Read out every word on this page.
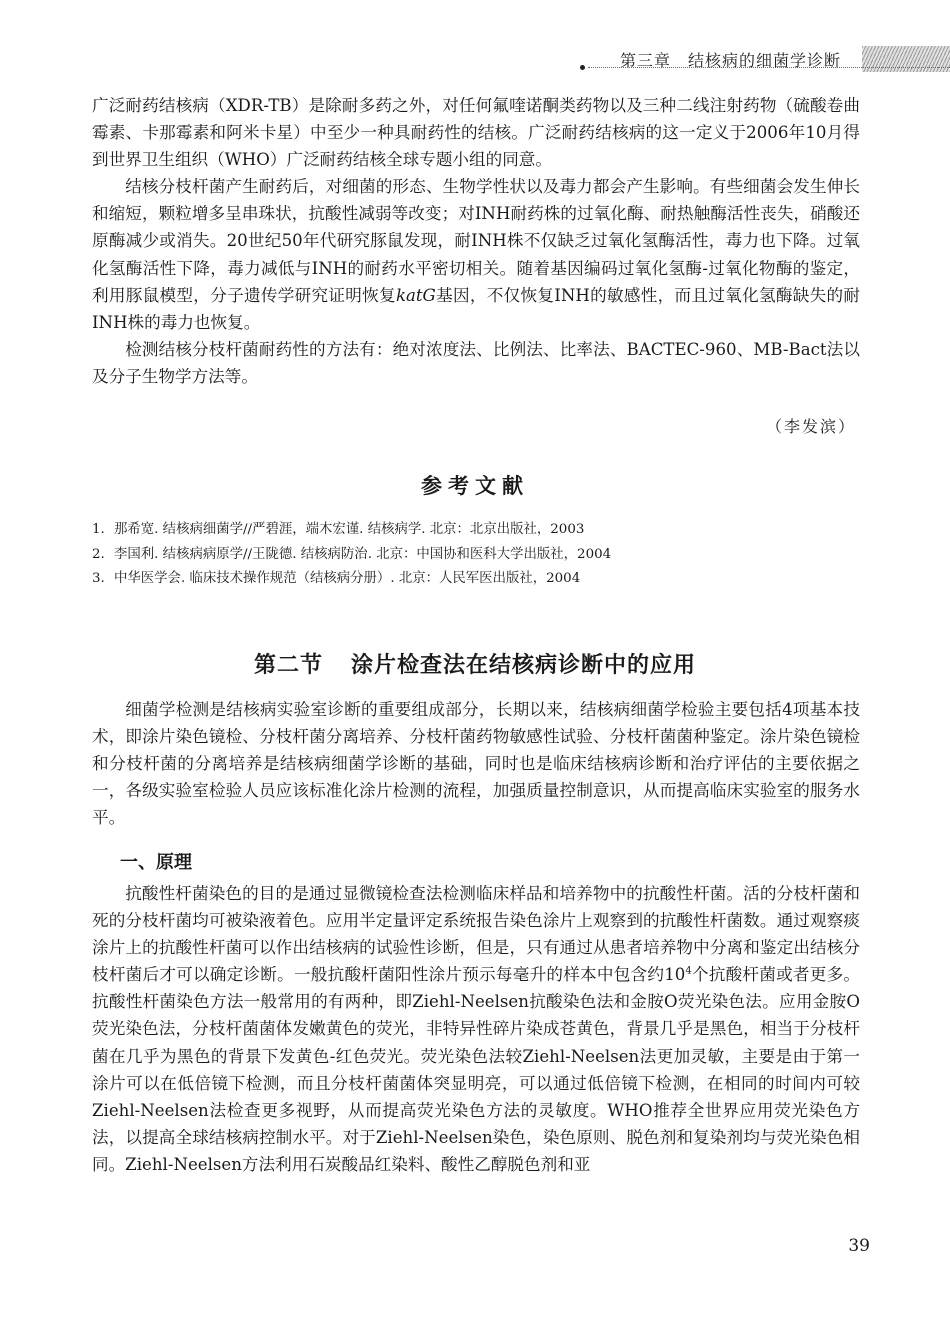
第三章　结核病的细菌学诊断

广泛耐药结核病（XDR-TB）是除耐多药之外，对任何氟喹诺酮类药物以及三种二线注射药物（硫酸卷曲霉素、卡那霉素和阿米卡星）中至少一种具耐药性的结核。广泛耐药结核病的这一定义于2006年10月得到世界卫生组织（WHO）广泛耐药结核全球专题小组的同意。

结核分枝杆菌产生耐药后，对细菌的形态、生物学性状以及毒力都会产生影响。有些细菌会发生伸长和缩短，颗粒增多呈串珠状，抗酸性减弱等改变；对INH耐药株的过氧化酶、耐热触酶活性丧失，硝酸还原酶减少或消失。20世纪50年代研究豚鼠发现，耐INH株不仅缺乏过氧化氢酶活性，毒力也下降。过氧化氢酶活性下降，毒力减低与INH的耐药水平密切相关。随着基因编码过氧化氢酶-过氧化物酶的鉴定，利用豚鼠模型，分子遗传学研究证明恢复katG基因，不仅恢复INH的敏感性，而且过氧化氢酶缺失的耐INH株的毒力也恢复。

检测结核分枝杆菌耐药性的方法有：绝对浓度法、比例法、比率法、BACTEC-960、MB-Bact法以及分子生物学方法等。

（李发滨）
参考文献
1. 那希宽. 结核病细菌学//严碧涯，端木宏谨. 结核病学. 北京：北京出版社，2003
2. 李国利. 结核病病原学//王陇德. 结核病防治. 北京：中国协和医科大学出版社，2004
3. 中华医学会. 临床技术操作规范（结核病分册）. 北京：人民军医出版社，2004
第二节 涂片检查法在结核病诊断中的应用

细菌学检测是结核病实验室诊断的重要组成部分，长期以来，结核病细菌学检验主要包括4项基本技术，即涂片染色镜检、分枝杆菌分离培养、分枝杆菌药物敏感性试验、分枝杆菌菌种鉴定。涂片染色镜检和分枝杆菌的分离培养是结核病细菌学诊断的基础，同时也是临床结核病诊断和治疗评估的主要依据之一，各级实验室检验人员应该标准化涂片检测的流程，加强质量控制意识，从而提高临床实验室的服务水平。

一、原理

抗酸性杆菌染色的目的是通过显微镜检查法检测临床样品和培养物中的抗酸性杆菌。活的分枝杆菌和死的分枝杆菌均可被染液着色。应用半定量评定系统报告染色涂片上观察到的抗酸性杆菌数。通过观察痰涂片上的抗酸性杆菌可以作出结核病的试验性诊断，但是，只有通过从患者培养物中分离和鉴定出结核分枝杆菌后才可以确定诊断。一般抗酸杆菌阳性涂片预示每毫升的样本中包含约$10^4$个抗酸杆菌或者更多。抗酸性杆菌染色方法一般常用的有两种，即Ziehl-Neelsen抗酸染色法和金胺O荧光染色法。应用金胺O荧光染色法，分枝杆菌菌体发嫩黄色的荧光，非特异性碎片染成苍黄色，背景几乎是黑色，相当于分枝杆菌在几乎为黑色的背景下发黄色-红色荧光。荧光染色法较Ziehl-Neelsen法更加灵敏，主要是由于第一涂片可以在低倍镜下检测，而且分枝杆菌菌体突显明亮，可以通过低倍镜下检测，在相同的时间内可较Ziehl-Neelsen法检查更多视野，从而提高荧光染色方法的灵敏度。WHO推荐全世界应用荧光染色方法，以提高全球结核病控制水平。对于Ziehl-Neelsen染色，染色原则、脱色剂和复染剂均与荧光染色相同。Ziehl-Neelsen方法利用石炭酸品红染料、酸性乙醇脱色剂和亚

39
